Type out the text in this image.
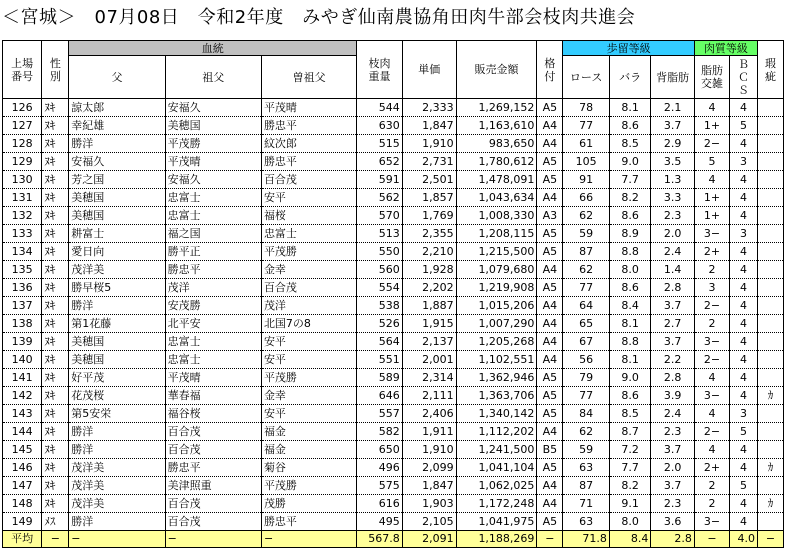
＜宮城＞　07月08日　令和2年度　みやぎ仙南農協角田肉牛部会枝肉共進会
上場
番号	性
別	血統			枝肉
重量	単価	販売金額	格
付	歩留等級			肉質等級		瑕
疵
		父	祖父	曽祖父					ロース	バラ	背脂肪	脂肪
交雑	Ｂ
Ｃ
Ｓ	
126	ﾇｷ	諒太郎	安福久	平茂晴	544	2,333	1,269,152	A5	78	8.1	2.1	4	4	
127	ﾇｷ	幸紀雄	美穂国	勝忠平	630	1,847	1,163,610	A4	77	8.6	3.7	1+	5	
128	ﾇｷ	勝洋	平茂勝	紋次郎	515	1,910	983,650	A4	61	8.5	2.9	2−	4	
129	ﾇｷ	安福久	平茂晴	勝忠平	652	2,731	1,780,612	A5	105	9.0	3.5	5	3	
130	ﾇｷ	芳之国	安福久	百合茂	591	2,501	1,478,091	A5	91	7.7	1.3	4	4	
131	ﾇｷ	美穂国	忠富士	安平	562	1,857	1,043,634	A4	66	8.2	3.3	1+	4	
132	ﾇｷ	美穂国	忠富士	福桜	570	1,769	1,008,330	A3	62	8.6	2.3	1+	4	
133	ﾇｷ	耕富士	福之国	忠富士	513	2,355	1,208,115	A5	59	8.9	2.0	3−	3	
134	ﾇｷ	愛日向	勝平正	平茂勝	550	2,210	1,215,500	A5	87	8.8	2.4	2+	4	
135	ﾇｷ	茂洋美	勝忠平	金幸	560	1,928	1,079,680	A4	62	8.0	1.4	2	4	
136	ﾇｷ	勝早桜5	茂洋	百合茂	554	2,202	1,219,908	A5	77	8.6	2.8	3	4	
137	ﾇｷ	勝洋	安茂勝	茂洋	538	1,887	1,015,206	A4	64	8.4	3.7	2−	4	
138	ﾇｷ	第1花藤	北平安	北国7の8	526	1,915	1,007,290	A4	65	8.1	2.7	2	4	
139	ﾇｷ	美穂国	忠富士	安平	564	2,137	1,205,268	A4	67	8.8	3.7	3−	4	
140	ﾇｷ	美穂国	忠富士	安平	551	2,001	1,102,551	A4	56	8.1	2.2	2−	4	
141	ﾇｷ	好平茂	平茂晴	平茂勝	589	2,314	1,362,946	A5	79	9.0	2.8	4	4	
142	ﾇｷ	花茂桜	華春福	金幸	646	2,111	1,363,706	A5	77	8.6	3.9	3−	4	ｶ
143	ﾇｷ	第5安栄	福谷桜	安平	557	2,406	1,340,142	A5	84	8.5	2.4	4	3	
144	ﾇｷ	勝洋	百合茂	福金	582	1,911	1,112,202	A4	62	8.7	2.3	2−	5	
145	ﾇｷ	勝洋	百合茂	福金	650	1,910	1,241,500	B5	59	7.2	3.7	4	4	
146	ﾇｷ	茂洋美	勝忠平	菊谷	496	2,099	1,041,104	A5	63	7.7	2.0	2+	4	ｶ
147	ﾇｷ	茂洋美	美津照重	平茂勝	575	1,847	1,062,025	A4	87	8.2	3.7	2	5	
148	ﾇｷ	茂洋美	百合茂	茂勝	616	1,903	1,172,248	A4	71	9.1	2.3	2	4	ｶ
149	ﾒｽ	勝洋	百合茂	勝忠平	495	2,105	1,041,975	A5	63	8.0	3.6	3−	4	
平均	−	−	−	−	567.8	2,091	1,188,269	−	71.8	8.4	2.8	−	4.0	−
